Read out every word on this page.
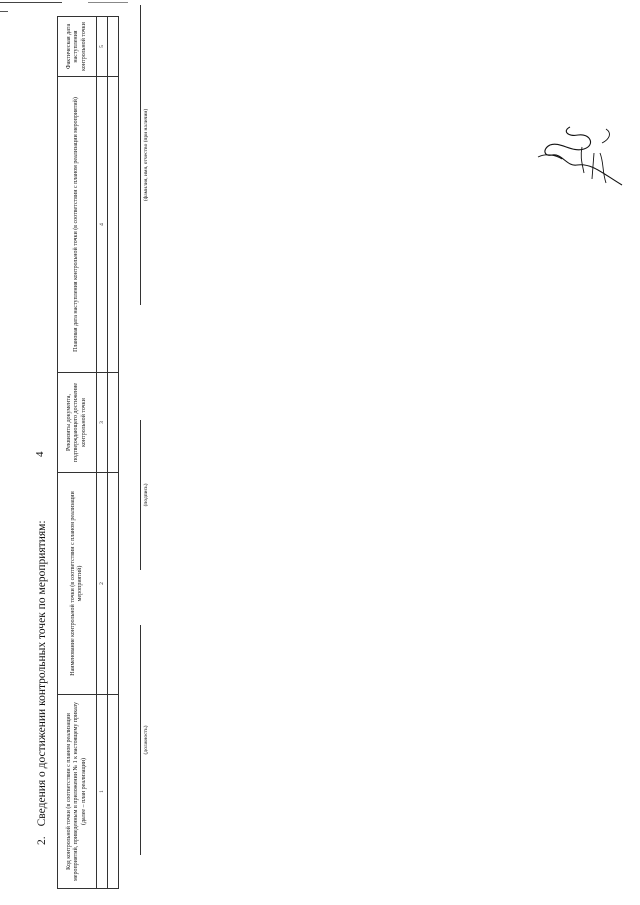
4
2.Сведения о достижении контрольных точек по мероприятиям:	Код контрольной точки (в соответствии с планом реализации мероприятий, приведенным в приложении № 1 к настоящему приказу (далее – план реализации)	Наименование контрольной точки (в соответствии с планом реализации мероприятий)	Реквизиты документа, подтверждающего достижение контрольной точки	Плановая дата наступления контрольной точки (в соответствии с планом реализации мероприятий)	Фактическая дата наступления контрольной точки
1	2	3	4	5

(должность)
(подпись)
(фамилия, имя, отчество (при наличии)
